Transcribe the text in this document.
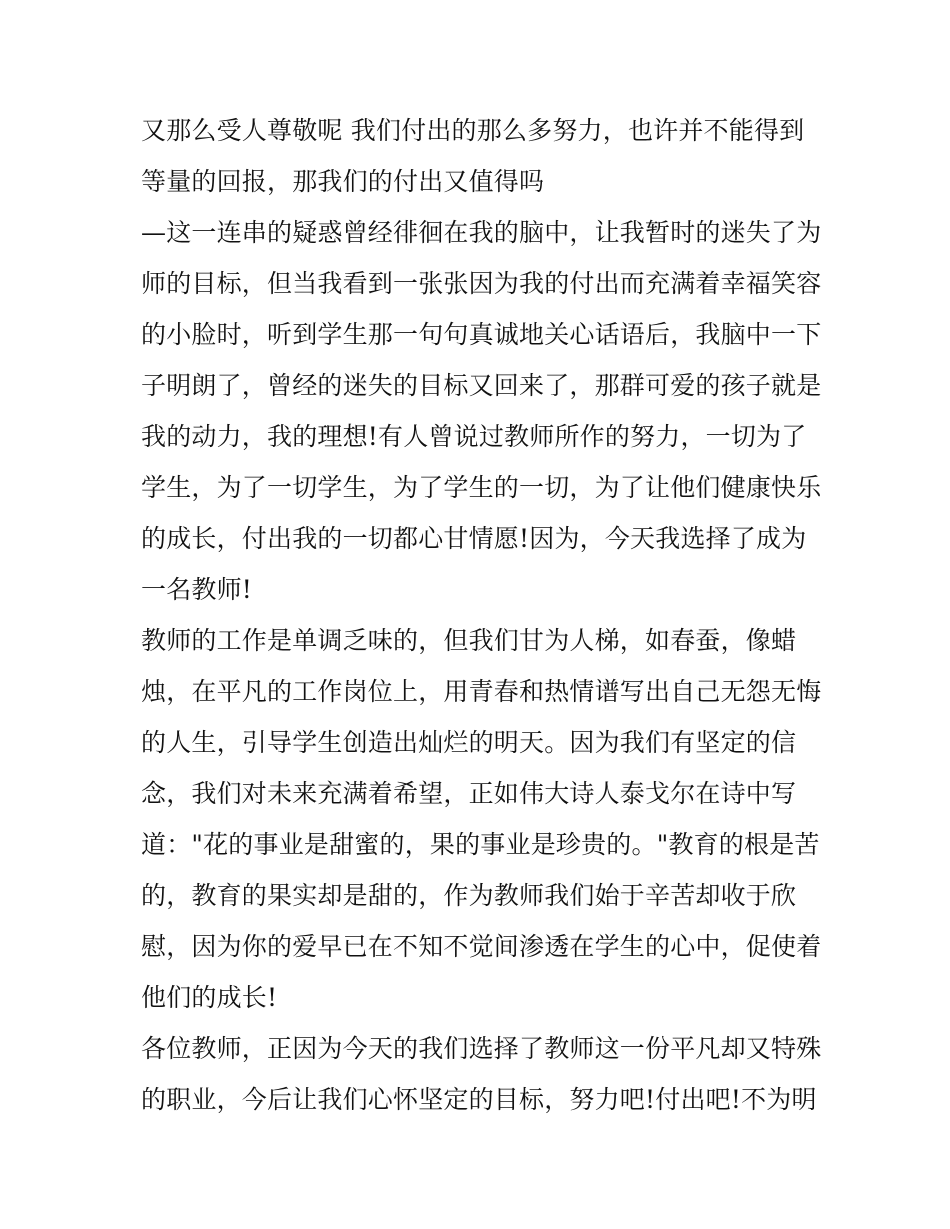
又那么受人尊敬呢 我们付出的那么多努力，也许并不能得到
等量的回报，那我们的付出又值得吗
—这一连串的疑惑曾经徘徊在我的脑中，让我暂时的迷失了为
师的目标，但当我看到一张张因为我的付出而充满着幸福笑容
的小脸时，听到学生那一句句真诚地关心话语后，我脑中一下
子明朗了，曾经的迷失的目标又回来了，那群可爱的孩子就是
我的动力，我的理想!有人曾说过教师所作的努力，一切为了
学生，为了一切学生，为了学生的一切，为了让他们健康快乐
的成长，付出我的一切都心甘情愿!因为，今天我选择了成为
一名教师!
教师的工作是单调乏味的，但我们甘为人梯，如春蚕，像蜡
烛，在平凡的工作岗位上，用青春和热情谱写出自己无怨无悔
的人生，引导学生创造出灿烂的明天。因为我们有坚定的信
念，我们对未来充满着希望，正如伟大诗人泰戈尔在诗中写
道："花的事业是甜蜜的，果的事业是珍贵的。"教育的根是苦
的，教育的果实却是甜的，作为教师我们始于辛苦却收于欣
慰，因为你的爱早已在不知不觉间渗透在学生的心中，促使着
他们的成长!
各位教师，正因为今天的我们选择了教师这一份平凡却又特殊
的职业，今后让我们心怀坚定的目标，努力吧!付出吧!不为明
